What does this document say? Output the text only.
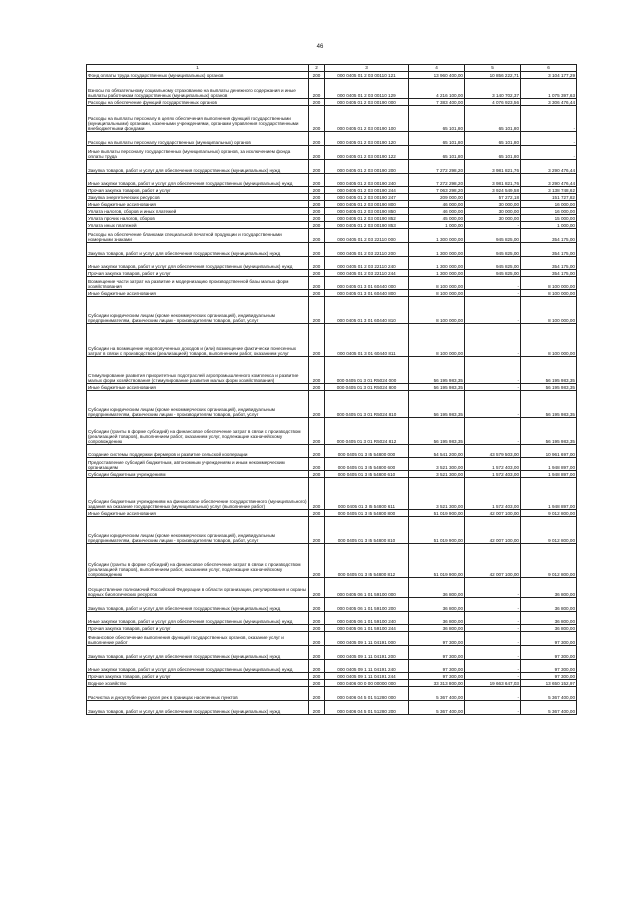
46
1	2	3	4	5	6
Фонд оплаты труда государственных (муниципальных) органов	200	000 0405 01 2 03 00110 121	13 960 400,00	10 856 222,71	3 104 177,29
Взносы по обязательному социальному страхованию на выплаты денежного содержания и иные выплаты работникам государственных (муниципальных) органов	200	000 0405 01 2 03 00110 129	4 216 100,00	3 140 702,37	1 075 397,63
Расходы на обеспечение функций государственных органов	200	000 0405 01 2 03 00190 000	7 383 400,00	4 076 923,56	3 306 476,44
Расходы на выплаты персоналу в целях обеспечения выполнения функций государственными (муниципальными) органами, казенными учреждениями, органами управления государственными внебюджетными фондами	200	000 0405 01 2 03 00190 100	65 101,80	65 101,80	-
Расходы на выплаты персоналу государственных (муниципальных) органов	200	000 0405 01 2 03 00190 120	65 101,80	65 101,80	-
Иные выплаты персоналу государственных (муниципальных) органов, за исключением фонда оплаты труда	200	000 0405 01 2 03 00190 122	65 101,80	65 101,80	-
Закупка товаров, работ и услуг для обеспечения государственных (муниципальных) нужд	200	000 0405 01 2 03 00190 200	7 272 298,20	3 981 821,76	3 290 476,44
Иные закупки товаров, работ и услуг для обеспечения государственных (муниципальных) нужд	200	000 0405 01 2 03 00190 240	7 272 298,20	3 981 821,76	3 290 476,44
Прочая закупка товаров, работ и услуг	200	000 0405 01 2 03 00190 244	7 063 298,20	3 924 549,58	3 138 748,62
Закупка энергетических ресурсов	200	000 0405 01 2 03 00190 247	209 000,00	57 272,18	151 727,82
Иные бюджетные ассигнования	200	000 0405 01 2 03 00190 800	46 000,00	30 000,00	16 000,00
Уплата налогов, сборов и иных платежей	200	000 0405 01 2 03 00190 850	46 000,00	30 000,00	16 000,00
Уплата прочих налогов, сборов	200	000 0405 01 2 03 00190 852	45 000,00	30 000,00	15 000,00
Уплата иных платежей	200	000 0405 01 2 03 00190 853	1 000,00	-	1 000,00
Расходы на обеспечение бланками специальной печатной продукции и государственными номерными знаками	200	000 0405 01 2 03 22110 000	1 300 000,00	945 825,00	354 175,00
Закупка товаров, работ и услуг для обеспечения государственных (муниципальных) нужд	200	000 0405 01 2 03 22110 200	1 300 000,00	945 825,00	354 175,00
Иные закупки товаров, работ и услуг для обеспечения государственных (муниципальных) нужд	200	000 0405 01 2 03 22110 240	1 300 000,00	945 825,00	354 175,00
Прочая закупка товаров, работ и услуг	200	000 0405 01 2 03 22110 244	1 300 000,00	945 825,00	354 175,00
Возмещение части затрат на развитие и модернизацию производственной базы малых форм хозяйствования	200	000 0405 01 3 01 60440 000	8 100 000,00	-	8 100 000,00
Иные бюджетные ассигнования	200	000 0405 01 3 01 60440 800	8 100 000,00	-	8 100 000,00
Субсидии юридическим лицам (кроме некоммерческих организаций), индивидуальным предпринимателям, физическим лицам - производителям товаров, работ, услуг	200	000 0405 01 3 01 60440 810	8 100 000,00	-	8 100 000,00
Субсидии на возмещение недополученных доходов и (или) возмещение фактически понесенных затрат в связи с производством (реализацией) товаров, выполнением работ, оказанием услуг	200	000 0405 01 3 01 60440 811	8 100 000,00	-	8 100 000,00
Стимулирование развития приоритетных подотраслей агропромышленного комплекса и развитие малых форм хозяйствования (стимулирование развития малых форм хозяйствования)	200	000 0405 01 3 01 R5024 000	56 195 983,35	-	56 195 983,35
Иные бюджетные ассигнования	200	000 0405 01 3 01 R5024 800	56 195 983,35	-	56 195 983,35
Субсидии юридическим лицам (кроме некоммерческих организаций), индивидуальным предпринимателям, физическим лицам - производителям товаров, работ, услуг	200	000 0405 01 3 01 R5024 810	56 195 983,35	-	56 195 983,35
Субсидии (гранты в форме субсидий) на финансовое обеспечение затрат в связи с производством (реализацией товаров), выполнением работ, оказанием услуг, подлежащие казначейскому сопровождению	200	000 0405 01 3 01 R5024 812	56 195 983,35	-	56 195 983,35
Создание системы поддержки фермеров и развитие сельской кооперации	200	000 0405 01 3 I5 54800 000	54 541 200,00	43 579 503,00	10 961 697,00
Предоставление субсидий бюджетным, автономным учреждениям и иным некоммерческим организациям	200	000 0405 01 3 I5 54800 600	3 521 300,00	1 572 403,00	1 948 897,00
Субсидии бюджетным учреждениям	200	000 0405 01 3 I5 54800 610	3 521 300,00	1 572 403,00	1 948 897,00
Субсидии бюджетным учреждениям на финансовое обеспечение государственного (муниципального) задания на оказание государственных (муниципальных) услуг (выполнение работ)	200	000 0405 01 3 I5 54800 611	3 521 300,00	1 572 403,00	1 948 897,00
Иные бюджетные ассигнования	200	000 0405 01 3 I5 54800 800	51 019 900,00	42 007 100,00	9 012 800,00
Субсидии юридическим лицам (кроме некоммерческих организаций), индивидуальным предпринимателям, физическим лицам - производителям товаров, работ, услуг	200	000 0405 01 3 I5 54800 810	51 019 900,00	42 007 100,00	9 012 800,00
Субсидии (гранты в форме субсидий) на финансовое обеспечение затрат в связи с производством (реализацией товаров), выполнением работ, оказанием услуг, подлежащие казначейскому сопровождению	200	000 0405 01 3 I5 54800 812	51 019 900,00	42 007 100,00	9 012 800,00
Осуществление полномочий Российской Федерации в области организации, регулирования и охраны водных биологических ресурсов	200	000 0405 06 1 01 59100 000	36 800,00	-	36 800,00
Закупка товаров, работ и услуг для обеспечения государственных (муниципальных) нужд	200	000 0405 06 1 01 59100 200	36 800,00	-	36 800,00
Иные закупки товаров, работ и услуг для обеспечения государственных (муниципальных) нужд	200	000 0405 06 1 01 59100 240	36 800,00	-	36 800,00
Прочая закупка товаров, работ и услуг	200	000 0405 06 1 01 59100 244	36 800,00	-	36 800,00
Финансовое обеспечение выполнения функций государственных органов, оказание услуг и выполнение работ	200	000 0405 09 1 11 04191 000	97 300,00	-	97 300,00
Закупка товаров, работ и услуг для обеспечения государственных (муниципальных) нужд	200	000 0405 09 1 11 04191 200	97 300,00	-	97 300,00
Иные закупки товаров, работ и услуг для обеспечения государственных (муниципальных) нужд	200	000 0405 09 1 11 04191 240	97 300,00	-	97 300,00
Прочая закупка товаров, работ и услуг	200	000 0405 09 1 11 04191 244	97 300,00	-	97 300,00
Водное хозяйство	200	000 0406 00 0 00 00000 000	33 313 800,00	19 663 647,03	13 650 152,97
Расчистка и дноуглубление русел рек в границах населенных пунктов	200	000 0406 04 5 01 51280 000	5 367 400,00	-	5 367 400,00
Закупка товаров, работ и услуг для обеспечения государственных (муниципальных) нужд	200	000 0406 04 5 01 51280 200	5 367 400,00	-	5 367 400,00
